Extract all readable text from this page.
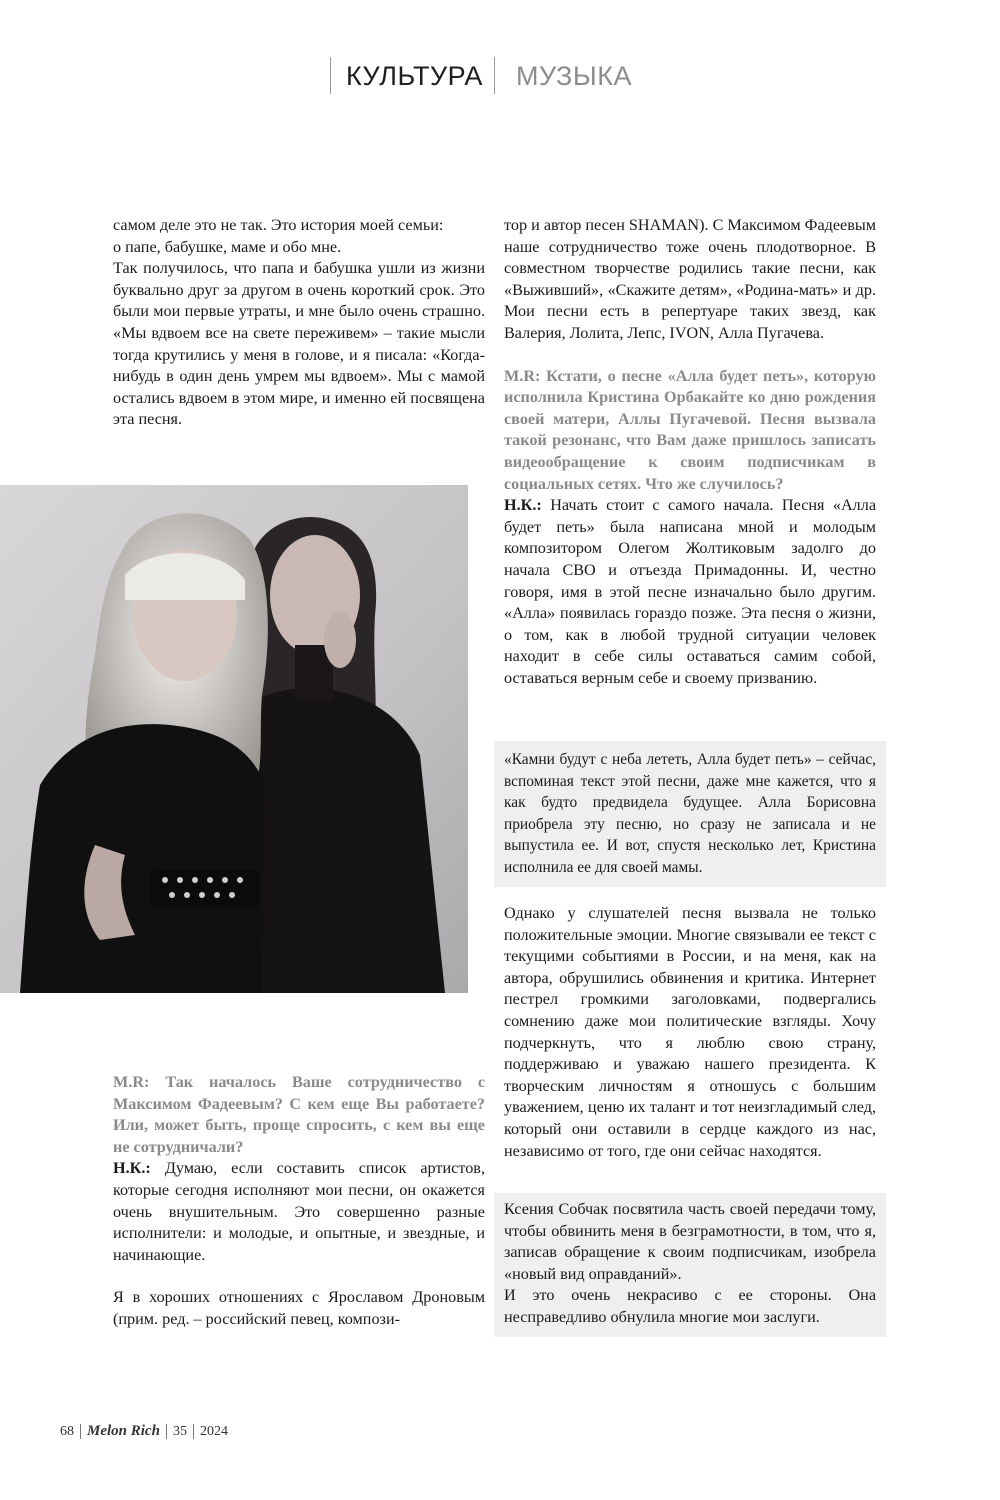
КУЛЬТУРА МУЗЫКА

самом деле это не так. Это история моей семьи:

о папе, бабушке, маме и обо мне.

Так получилось, что папа и бабушка ушли из жизни буквально друг за другом в очень короткий срок. Это были мои первые утраты, и мне было очень страшно. «Мы вдвоем все на свете переживем» – такие мысли тогда крутились у меня в голове, и я писала: «Когда-нибудь в один день умрем мы вдвоем». Мы с мамой остались вдвоем в этом мире, и именно ей посвящена эта песня.

M.R: Так началось Ваше сотрудничество с Максимом Фадеевым? С кем еще Вы работаете? Или, может быть, проще спросить, с кем вы еще не сотрудничали?

Н.К.: Думаю, если составить список артистов, которые сегодня исполняют мои песни, он окажется очень внушительным. Это совершенно разные исполнители: и молодые, и опытные, и звездные, и начинающие.

Я в хороших отношениях с Ярославом Дроновым (прим. ред. – российский певец, компози-

тор и автор песен SHAMAN). С Максимом Фадеевым наше сотрудничество тоже очень плодотворное. В совместном творчестве родились такие песни, как «Выживший», «Скажите детям», «Родина-мать» и др. Мои песни есть в репертуаре таких звезд, как Валерия, Лолита, Лепс, IVON, Алла Пугачева.

M.R: Кстати, о песне «Алла будет петь», которую исполнила Кристина Орбакайте ко дню рождения своей матери, Аллы Пугачевой. Песня вызвала такой резонанс, что Вам даже пришлось записать видеообращение к своим подписчикам в социальных сетях. Что же случилось?

Н.К.: Начать стоит с самого начала. Песня «Алла будет петь» была написана мной и молодым композитором Олегом Жолтиковым задолго до начала СВО и отъезда Примадонны. И, честно говоря, имя в этой песне изначально было другим. «Алла» появилась гораздо позже. Эта песня о жизни, о том, как в любой трудной ситуации человек находит в себе силы оставаться самим собой, оставаться верным себе и своему призванию.

«Камни будут с неба лететь, Алла будет петь» – сейчас, вспоминая текст этой песни, даже мне кажется, что я как будто предвидела будущее. Алла Борисовна приобрела эту песню, но сразу не записала и не выпустила ее. И вот, спустя несколько лет, Кристина исполнила ее для своей мамы.

Однако у слушателей песня вызвала не только положительные эмоции. Многие связывали ее текст с текущими событиями в России, и на меня, как на автора, обрушились обвинения и критика. Интернет пестрел громкими заголовками, подвергались сомнению даже мои политические взгляды. Хочу подчеркнуть, что я люблю свою страну, поддерживаю и уважаю нашего президента. К творческим личностям я отношусь с большим уважением, ценю их талант и тот неизгладимый след, который они оставили в сердце каждого из нас, независимо от того, где они сейчас находятся.

Ксения Собчак посвятила часть своей передачи тому, чтобы обвинить меня в безграмотности, в том, что я, записав обращение к своим подписчикам, изобрела «новый вид оправданий».

И это очень некрасиво с ее стороны. Она несправедливо обнулила многие мои заслуги.

68 Melon Rich 35 2024
